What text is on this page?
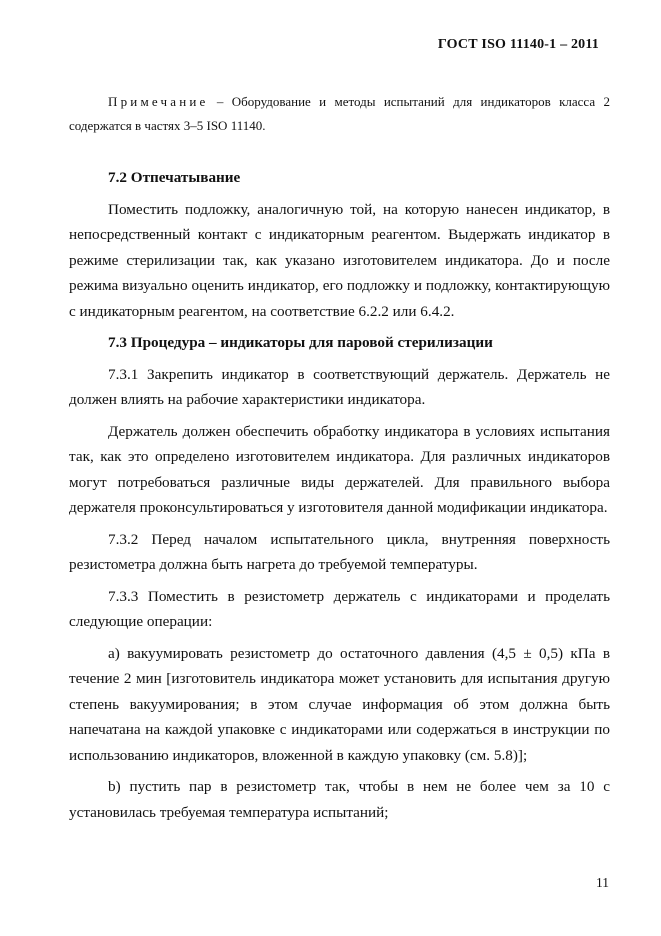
ГОСТ ISO 11140-1 – 2011

Примечание – Оборудование и методы испытаний для индикаторов класса 2 содержатся в частях 3–5 ISO 11140.

7.2 Отпечатывание

Поместить подложку, аналогичную той, на которую нанесен индикатор, в непосредственный контакт с индикаторным реагентом. Выдержать индикатор в режиме стерилизации так, как указано изготовителем индикатора. До и после режима визуально оценить индикатор, его подложку и подложку, контактирующую с индикаторным реагентом, на соответствие 6.2.2 или 6.4.2.

7.3 Процедура – индикаторы для паровой стерилизации

7.3.1 Закрепить индикатор в соответствующий держатель. Держатель не должен влиять на рабочие характеристики индикатора.

Держатель должен обеспечить обработку индикатора в условиях испытания так, как это определено изготовителем индикатора. Для различных индикаторов могут потребоваться различные виды держателей. Для правильного выбора держателя проконсультироваться у изготовителя данной модификации индикатора.

7.3.2 Перед началом испытательного цикла, внутренняя поверхность резистометра должна быть нагрета до требуемой температуры.

7.3.3 Поместить в резистометр держатель с индикаторами и проделать следующие операции:

a) вакуумировать резистометр до остаточного давления (4,5 ± 0,5) кПа в течение 2 мин [изготовитель индикатора может установить для испытания другую степень вакуумирования; в этом случае информация об этом должна быть напечатана на каждой упаковке с индикаторами или содержаться в инструкции по использованию индикаторов, вложенной в каждую упаковку (см. 5.8)];

b) пустить пар в резистометр так, чтобы в нем не более чем за 10 с установилась требуемая температура испытаний;

11
